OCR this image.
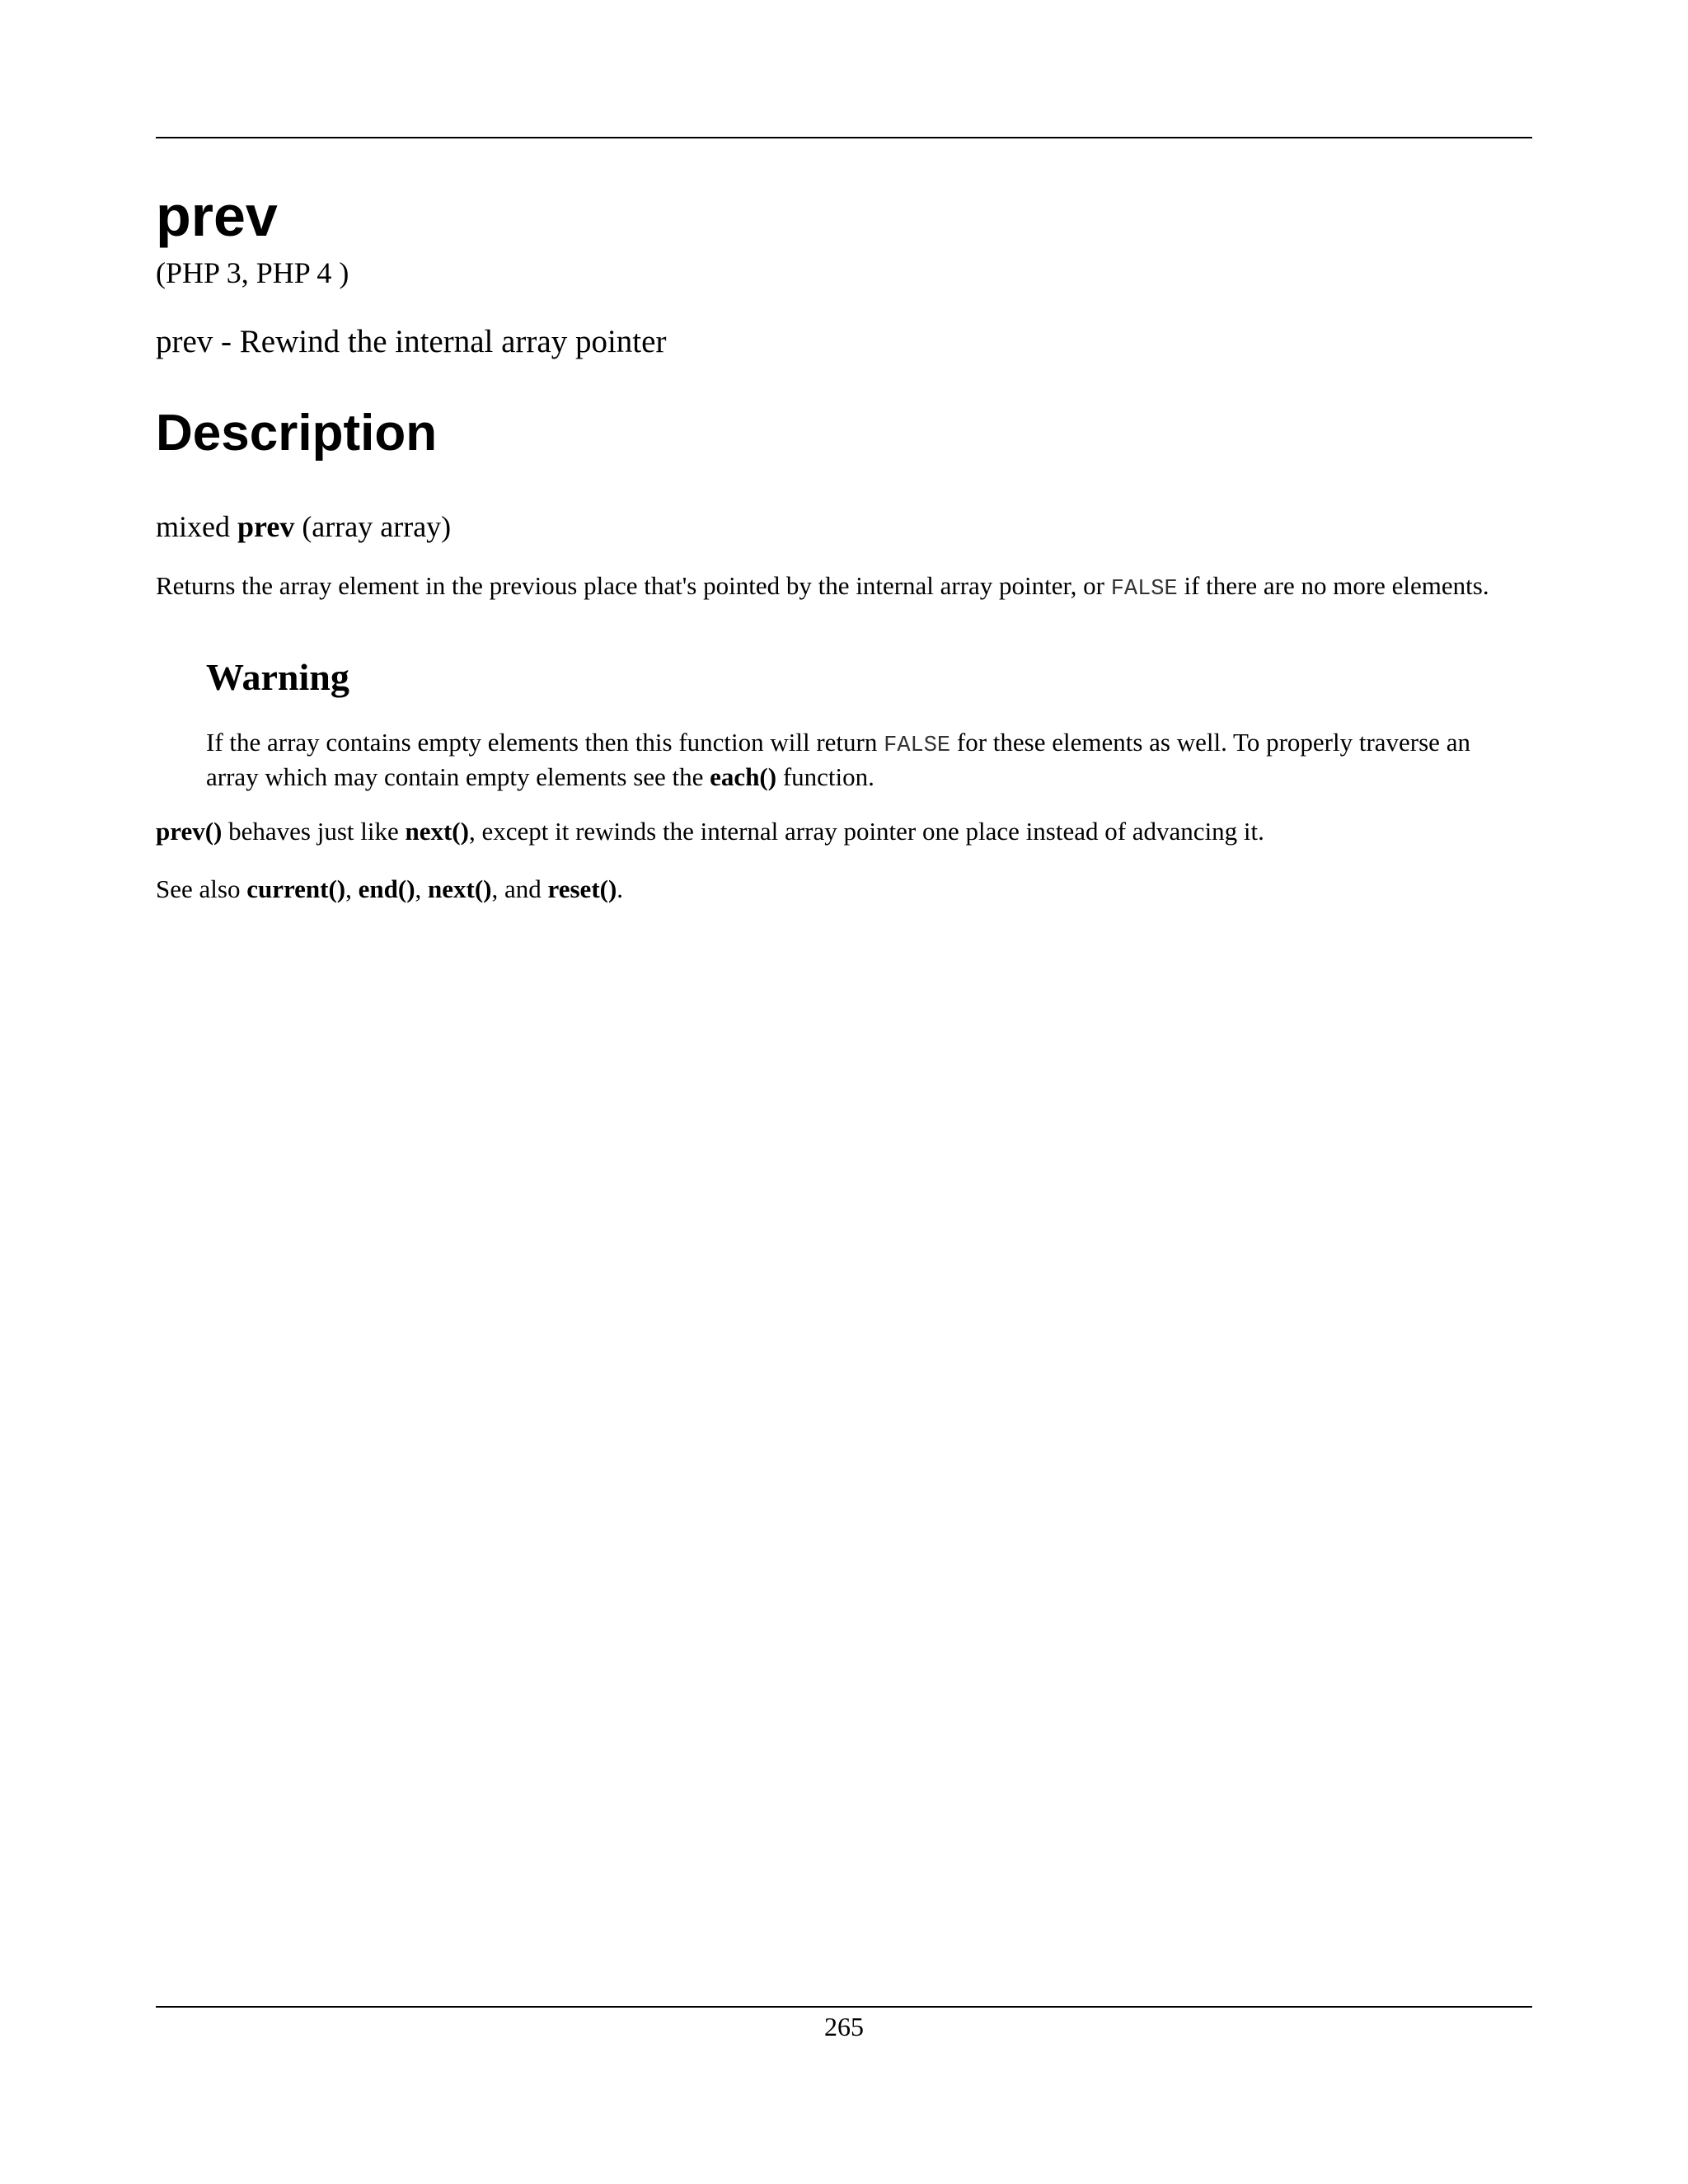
prev
(PHP 3, PHP 4 )
prev - Rewind the internal array pointer
Description
mixed prev (array array)

Returns the array element in the previous place that's pointed by the internal array pointer, or FALSE if there are no more elements.

Warning

If the array contains empty elements then this function will return FALSE for these elements as well. To properly traverse an array which may contain empty elements see the each() function.

prev() behaves just like next(), except it rewinds the internal array pointer one place instead of advancing it.

See also current(), end(), next(), and reset().

265
